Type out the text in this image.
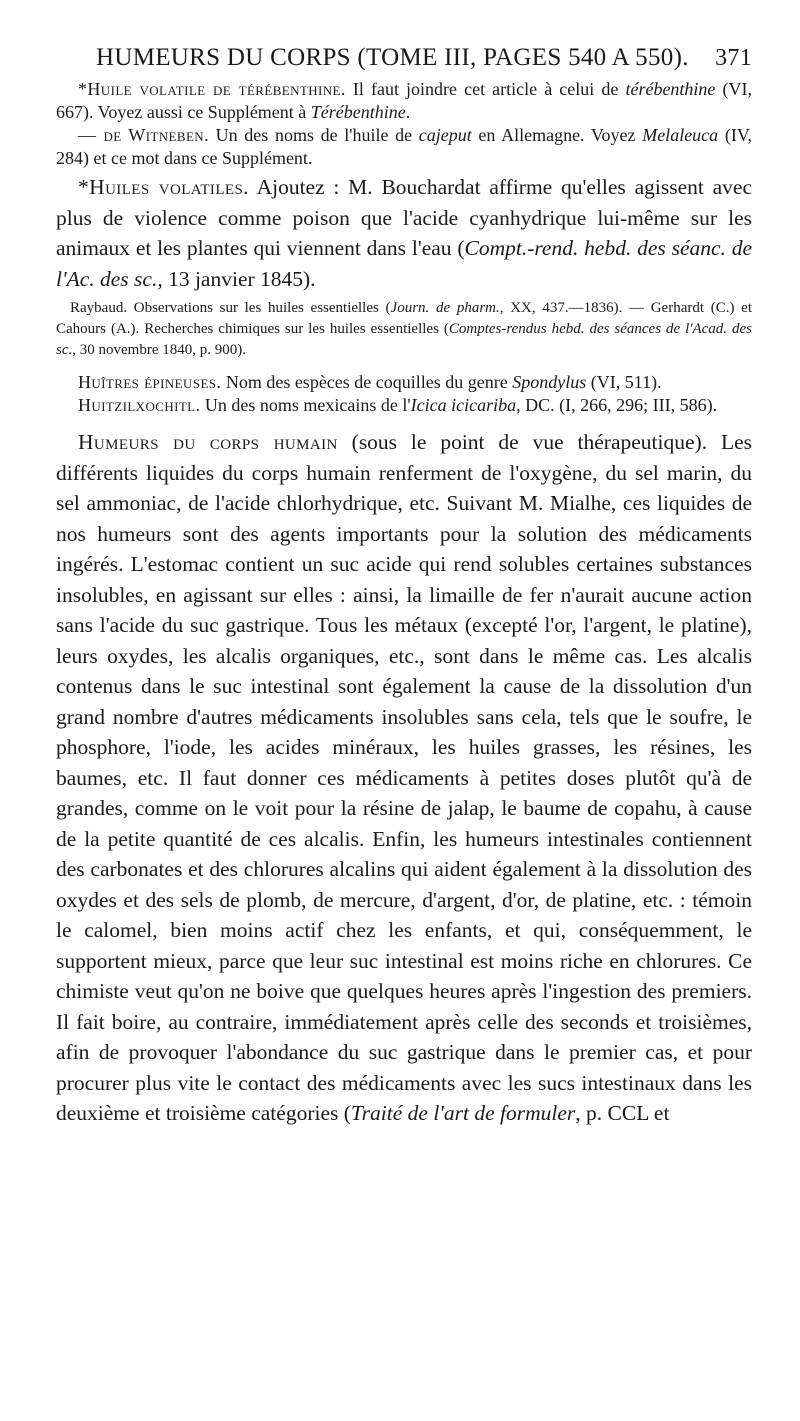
HUMEURS DU CORPS (TOME III, PAGES 540 A 550). 371

*Huile volatile de térébenthine. Il faut joindre cet article à celui de térébenthine (VI, 667). Voyez aussi ce Supplément à Térébenthine.

— de Witneben. Un des noms de l'huile de cajeput en Allemagne. Voyez Melaleuca (IV, 284) et ce mot dans ce Supplément.

*Huiles volatiles. Ajoutez : M. Bouchardat affirme qu'elles agissent avec plus de violence comme poison que l'acide cyanhydrique lui-même sur les animaux et les plantes qui viennent dans l'eau (Compt.-rend. hebd. des séanc. de l'Ac. des sc., 13 janvier 1845).

Raybaud. Observations sur les huiles essentielles (Journ. de pharm., XX, 437.—1836). — Gerhardt (C.) et Cahours (A.). Recherches chimiques sur les huiles essentielles (Comptes-rendus hebd. des séances de l'Acad. des sc., 30 novembre 1840, p. 900).

Huîtres épineuses. Nom des espèces de coquilles du genre Spondylus (VI, 511).

Huitzilxochitl. Un des noms mexicains de l'Icica icicariba, DC. (I, 266, 296; III, 586).

Humeurs du corps humain (sous le point de vue thérapeutique). Les différents liquides du corps humain renferment de l'oxygène, du sel marin, du sel ammoniac, de l'acide chlorhydrique, etc. Suivant M. Mialhe, ces liquides de nos humeurs sont des agents importants pour la solution des médicaments ingérés. L'estomac contient un suc acide qui rend solubles certaines substances insolubles, en agissant sur elles : ainsi, la limaille de fer n'aurait aucune action sans l'acide du suc gastrique. Tous les métaux (excepté l'or, l'argent, le platine), leurs oxydes, les alcalis organiques, etc., sont dans le même cas. Les alcalis contenus dans le suc intestinal sont également la cause de la dissolution d'un grand nombre d'autres médicaments insolubles sans cela, tels que le soufre, le phosphore, l'iode, les acides minéraux, les huiles grasses, les résines, les baumes, etc. Il faut donner ces médicaments à petites doses plutôt qu'à de grandes, comme on le voit pour la résine de jalap, le baume de copahu, à cause de la petite quantité de ces alcalis. Enfin, les humeurs intestinales contiennent des carbonates et des chlorures alcalins qui aident également à la dissolution des oxydes et des sels de plomb, de mercure, d'argent, d'or, de platine, etc. : témoin le calomel, bien moins actif chez les enfants, et qui, conséquemment, le supportent mieux, parce que leur suc intestinal est moins riche en chlorures. Ce chimiste veut qu'on ne boive que quelques heures après l'ingestion des premiers. Il fait boire, au contraire, immédiatement après celle des seconds et troisièmes, afin de provoquer l'abondance du suc gastrique dans le premier cas, et pour procurer plus vite le contact des médicaments avec les sucs intestinaux dans les deuxième et troisième catégories (Traité de l'art de formuler, p. CCL et
